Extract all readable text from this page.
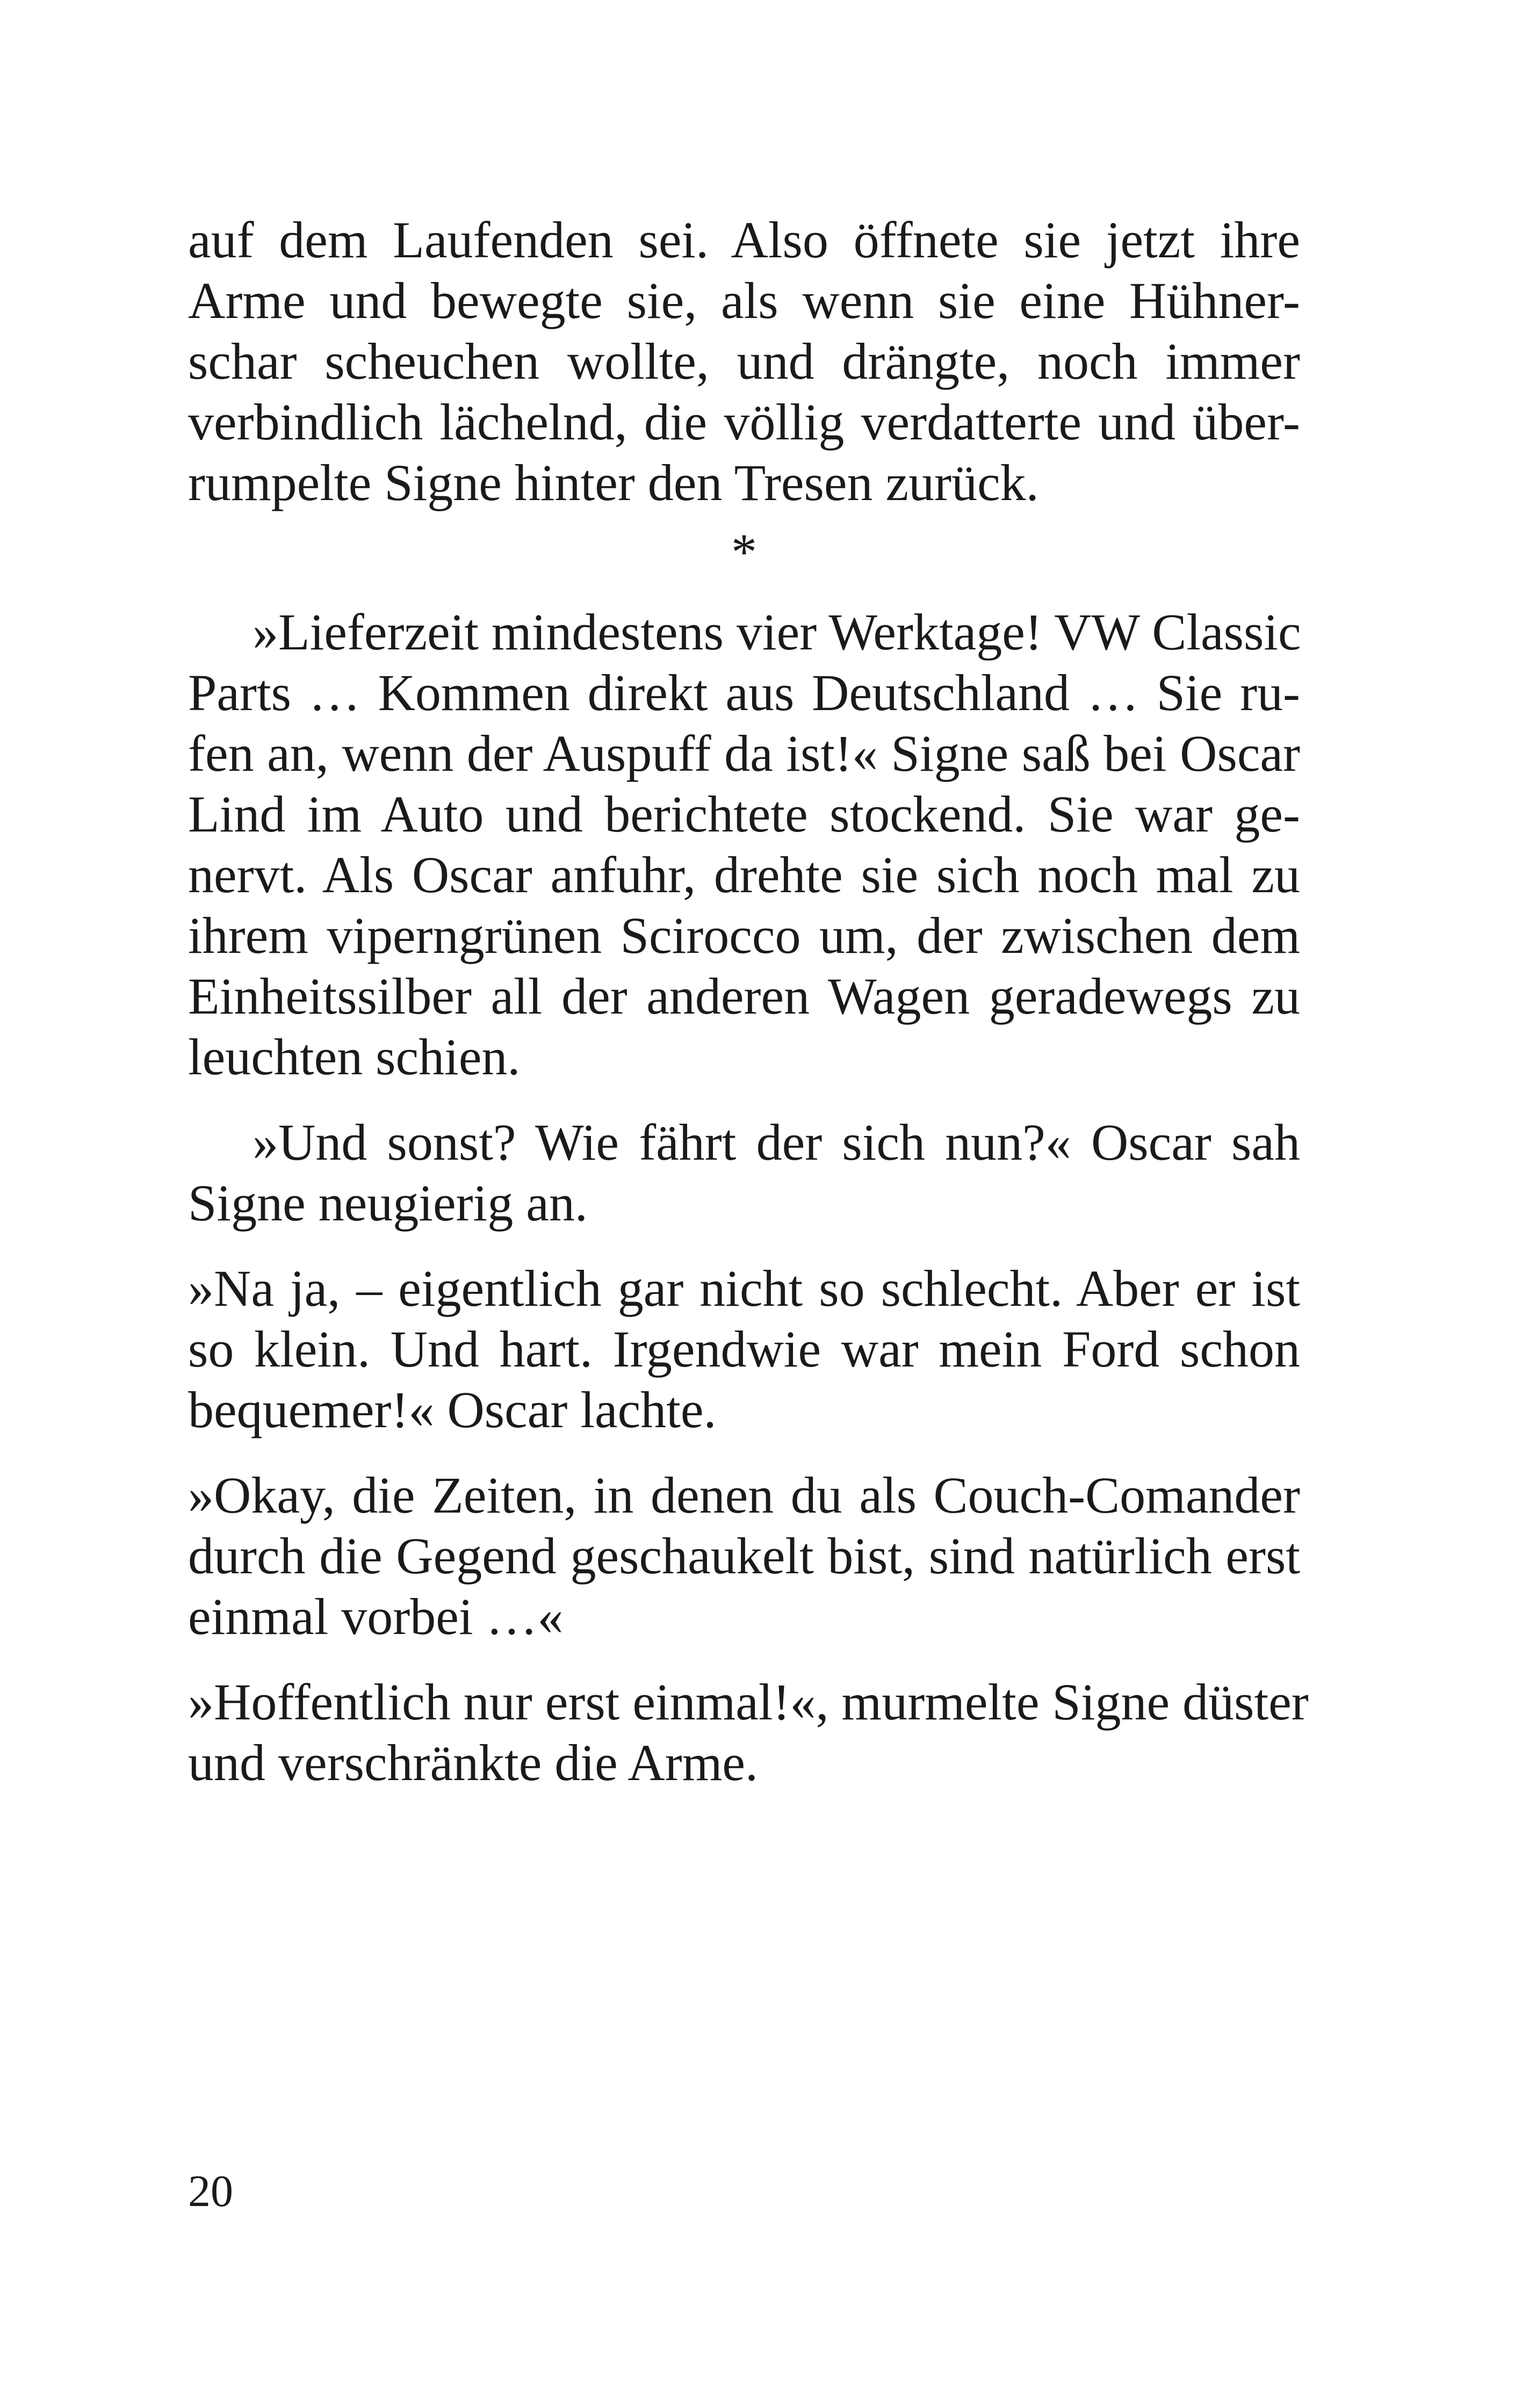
auf dem Laufenden sei. Also öffnete sie jetzt ihre
Arme und bewegte sie, als wenn sie eine Hühner-
schar scheuchen wollte, und drängte, noch immer
verbindlich lächelnd, die völlig verdatterte und über-
rumpelte Signe hinter den Tresen zurück.
*
»Lieferzeit mindestens vier Werktage! VW Classic
Parts … Kommen direkt aus Deutschland … Sie ru-
fen an, wenn der Auspuff da ist!« Signe saß bei Oscar
Lind im Auto und berichtete stockend. Sie war ge-
nervt. Als Oscar anfuhr, drehte sie sich noch mal zu
ihrem viperngrünen Scirocco um, der zwischen dem
Einheitssilber all der anderen Wagen geradewegs zu
leuchten schien.
»Und sonst? Wie fährt der sich nun?« Oscar sah
Signe neugierig an.
»Na ja, – eigentlich gar nicht so schlecht. Aber er ist
so klein. Und hart. Irgendwie war mein Ford schon
bequemer!« Oscar lachte.
»Okay, die Zeiten, in denen du als Couch-Comander
durch die Gegend geschaukelt bist, sind natürlich erst
einmal vorbei …«
»Hoffentlich nur erst einmal!«, murmelte Signe düster
und verschränkte die Arme.
20
